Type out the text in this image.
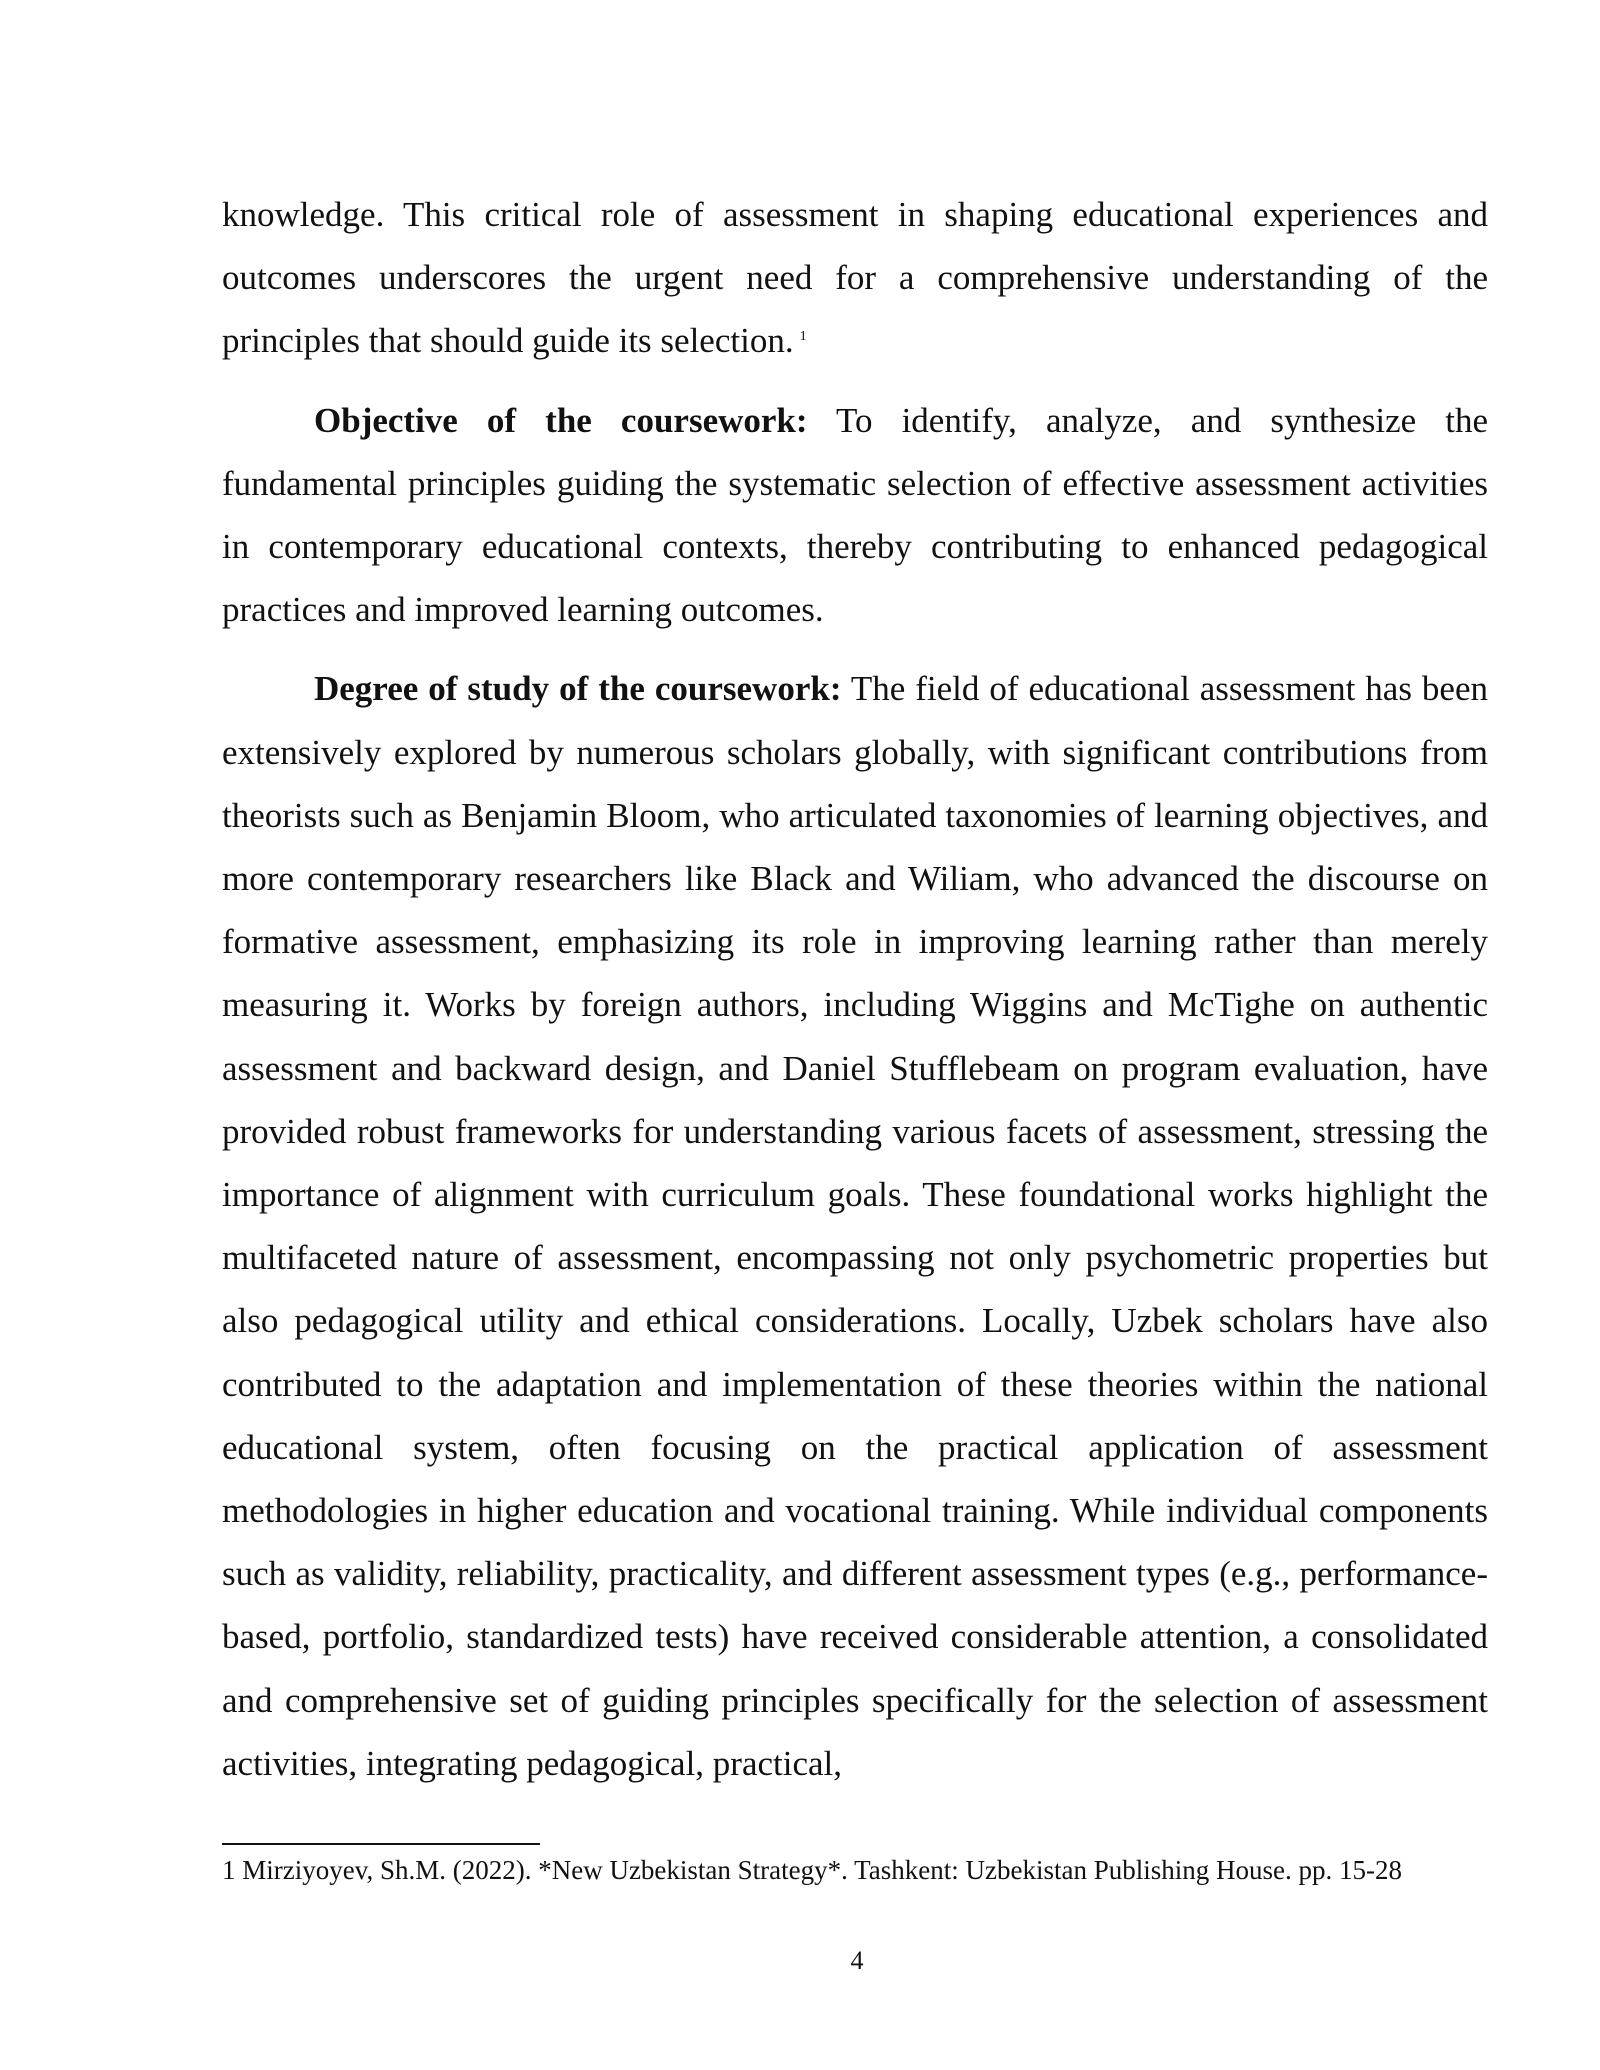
knowledge. This critical role of assessment in shaping educational experiences and outcomes underscores the urgent need for a comprehensive understanding of the principles that should guide its selection. $^1$

Objective of the coursework: To identify, analyze, and synthesize the fundamental principles guiding the systematic selection of effective assessment activities in contemporary educational contexts, thereby contributing to enhanced pedagogical practices and improved learning outcomes.

Degree of study of the coursework: The field of educational assessment has been extensively explored by numerous scholars globally, with significant contributions from theorists such as Benjamin Bloom, who articulated taxonomies of learning objectives, and more contemporary researchers like Black and Wiliam, who advanced the discourse on formative assessment, emphasizing its role in improving learning rather than merely measuring it. Works by foreign authors, including Wiggins and McTighe on authentic assessment and backward design, and Daniel Stufflebeam on program evaluation, have provided robust frameworks for understanding various facets of assessment, stressing the importance of alignment with curriculum goals. These foundational works highlight the multifaceted nature of assessment, encompassing not only psychometric properties but also pedagogical utility and ethical considerations. Locally, Uzbek scholars have also contributed to the adaptation and implementation of these theories within the national educational system, often focusing on the practical application of assessment methodologies in higher education and vocational training. While individual components such as validity, reliability, practicality, and different assessment types (e.g., performance-based, portfolio, standardized tests) have received considerable attention, a consolidated and comprehensive set of guiding principles specifically for the selection of assessment activities, integrating pedagogical, practical,

1 Mirziyoyev, Sh.M. (2022). *New Uzbekistan Strategy*. Tashkent: Uzbekistan Publishing House. pp. 15-28
4
